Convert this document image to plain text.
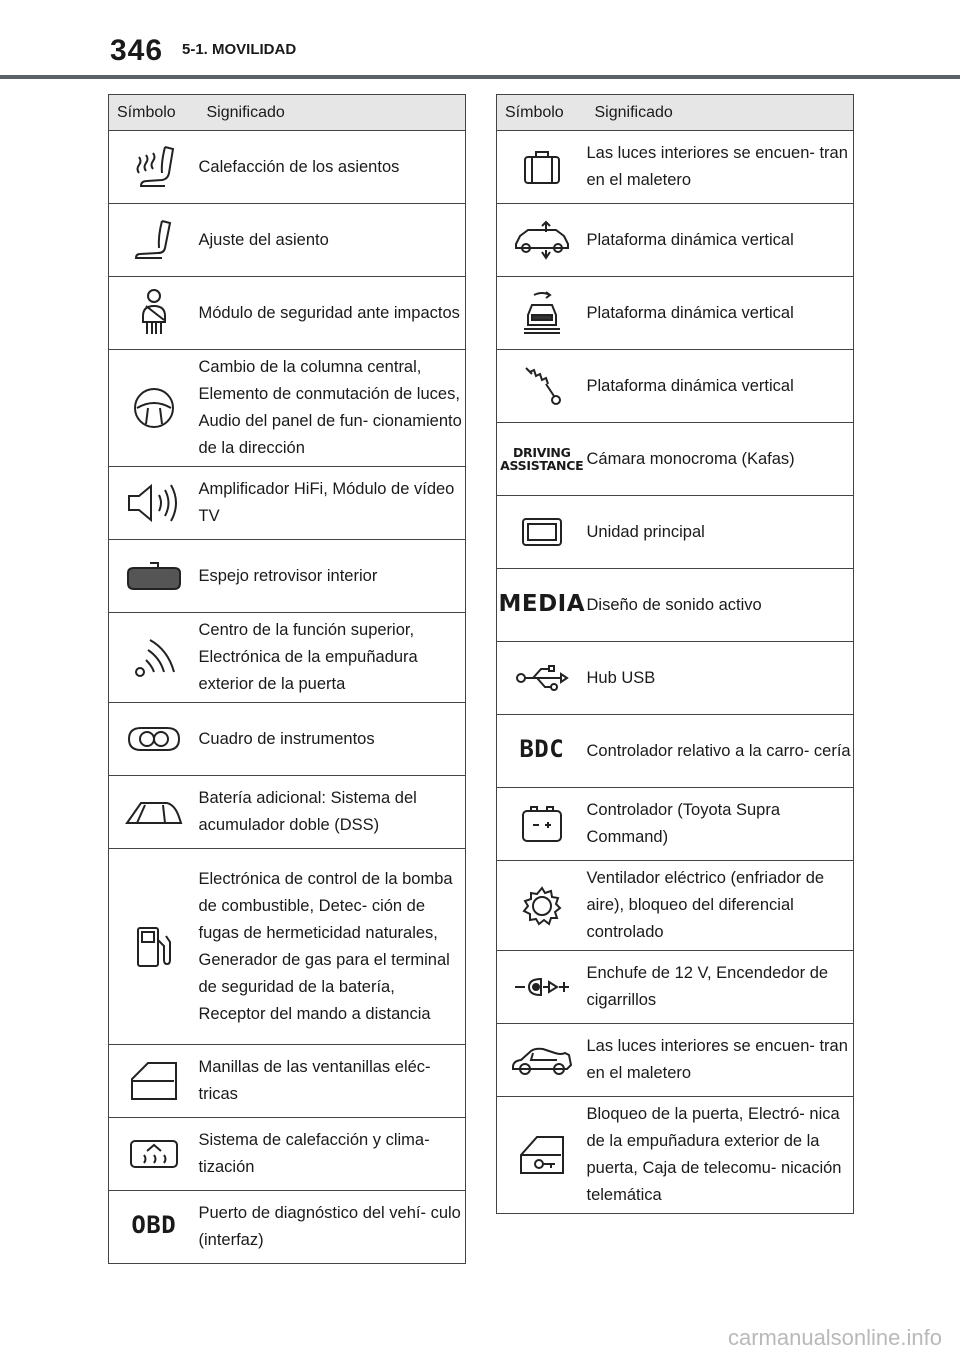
346 5-1. MOVILIDAD
Símbolo	Significado
	Calefacción de los asientos
	Ajuste del asiento
	Módulo de seguridad ante impactos
	Cambio de la columna central, Elemento de conmutación de luces, Audio del panel de fun- cionamiento de la dirección
	Amplificador HiFi, Módulo de vídeo TV
	Espejo retrovisor interior
	Centro de la función superior, Electrónica de la empuñadura exterior de la puerta
	Cuadro de instrumentos
	Batería adicional: Sistema del acumulador doble (DSS)
	Electrónica de control de la bomba de combustible, Detec- ción de fugas de hermeticidad naturales, Generador de gas para el terminal de seguridad de la batería, Receptor del mando a distancia
	Manillas de las ventanillas eléc- tricas
	Sistema de calefacción y clima- tización
OBD	Puerto de diagnóstico del vehí- culo (interfaz)
Símbolo	Significado
	Las luces interiores se encuen- tran en el maletero
	Plataforma dinámica vertical
	Plataforma dinámica vertical
	Plataforma dinámica vertical

DRIVING
ASSISTANCE	Cámara monocroma (Kafas)
	Unidad principal
MEDIA	Diseño de sonido activo
	Hub USB
BDC	Controlador relativo a la carro- cería
	Controlador (Toyota Supra Command)
	Ventilador eléctrico (enfriador de aire), bloqueo del diferencial controlado
	Enchufe de 12 V, Encendedor de cigarrillos
	Las luces interiores se encuen- tran en el maletero
	Bloqueo de la puerta, Electró- nica de la empuñadura exterior de la puerta, Caja de telecomu- nicación telemática
carmanualsonline.info
